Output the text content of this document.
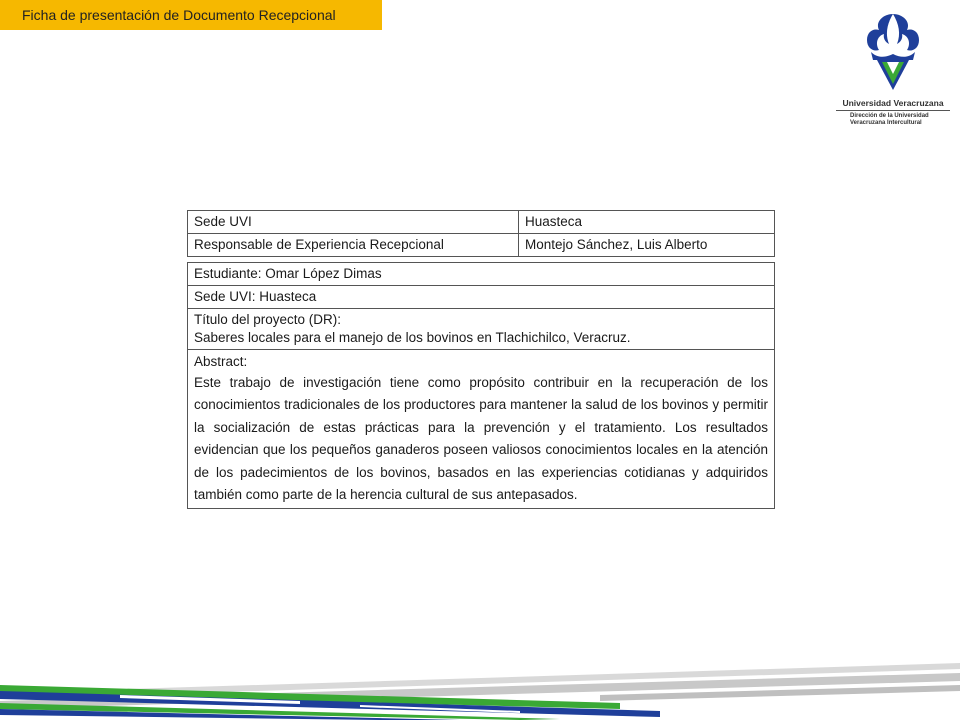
Ficha de presentación de Documento Recepcional
Universidad Veracruzana
Dirección de la Universidad
Veracruzana Intercultural
Sede UVI	Huasteca
Responsable de Experiencia Recepcional	Montejo Sánchez, Luis Alberto
Estudiante: Omar López Dimas
Sede UVI: Huasteca

Título del proyecto (DR):
Saberes locales para el manejo de los bovinos en Tlachichilco, Veracruz.

Abstract:
Este trabajo de investigación tiene como propósito contribuir en la recuperación de los conocimientos tradicionales de los productores para mantener la salud de los bovinos y permitir la socialización de estas prácticas para la prevención y el tratamiento. Los resultados evidencian que los pequeños ganaderos poseen valiosos conocimientos locales en la atención de los padecimientos de los bovinos, basados en las experiencias cotidianas y adquiridos también como parte de la herencia cultural de sus antepasados.
